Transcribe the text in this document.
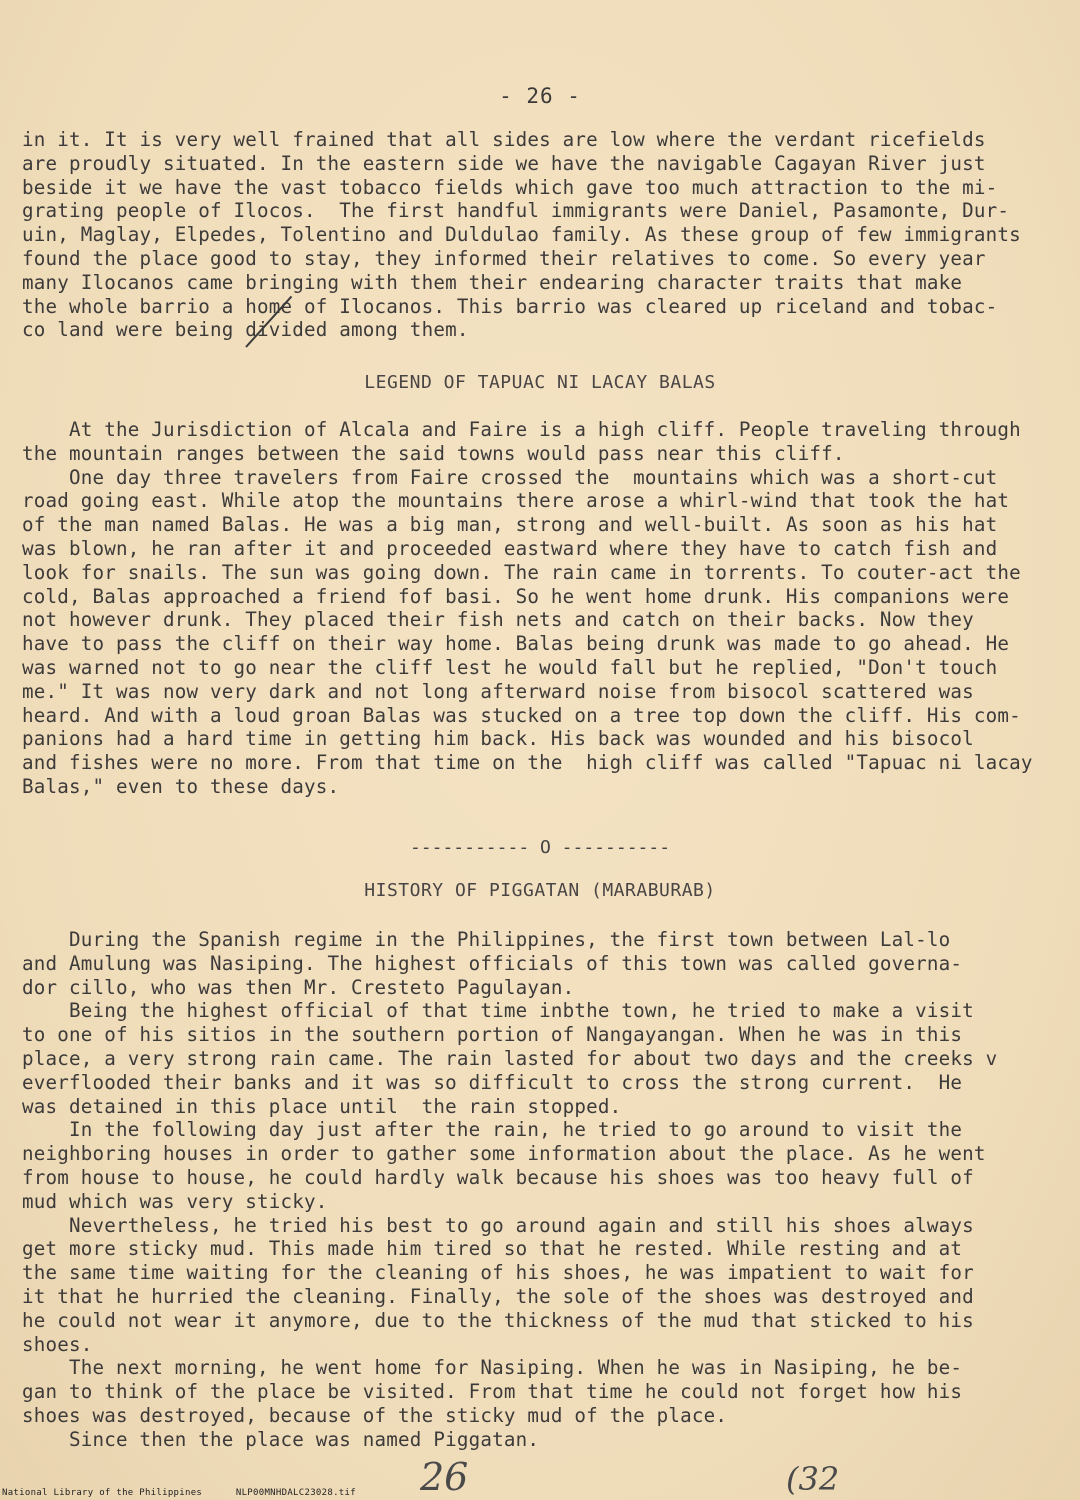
- 26 -
in it. It is very well frained that all sides are low where the verdant ricefields
are proudly situated. In the eastern side we have the navigable Cagayan River just
beside it we have the vast tobacco fields which gave too much attraction to the mi-
grating people of Ilocos.  The first handful immigrants were Daniel, Pasamonte, Dur-
uin, Maglay, Elpedes, Tolentino and Duldulao family. As these group of few immigrants
found the place good to stay, they informed their relatives to come. So every year
many Ilocanos came bringing with them their endearing character traits that make
the whole barrio a home of Ilocanos. This barrio was cleared up riceland and tobac-
co land were being divided among them.
LEGEND OF TAPUAC NI LACAY BALAS
At the Jurisdiction of Alcala and Faire is a high cliff. People traveling through
the mountain ranges between the said towns would pass near this cliff.
One day three travelers from Faire crossed the  mountains which was a short-cut
road going east. While atop the mountains there arose a whirl-wind that took the hat
of the man named Balas. He was a big man, strong and well-built. As soon as his hat
was blown, he ran after it and proceeded eastward where they have to catch fish and
look for snails. The sun was going down. The rain came in torrents. To couter-act the
cold, Balas approached a friend fof basi. So he went home drunk. His companions were
not however drunk. They placed their fish nets and catch on their backs. Now they
have to pass the cliff on their way home. Balas being drunk was made to go ahead. He
was warned not to go near the cliff lest he would fall but he replied, "Don't touch
me." It was now very dark and not long afterward noise from bisocol scattered was
heard. And with a loud groan Balas was stucked on a tree top down the cliff. His com-
panions had a hard time in getting him back. His back was wounded and his bisocol
and fishes were no more. From that time on the  high cliff was called "Tapuac ni lacay
Balas," even to these days.
----------- O ----------
HISTORY OF PIGGATAN (MARABURAB)
During the Spanish regime in the Philippines, the first town between Lal-lo
and Amulung was Nasiping. The highest officials of this town was called governa-
dor cillo, who was then Mr. Cresteto Pagulayan.
Being the highest official of that time inbthe town, he tried to make a visit
to one of his sitios in the southern portion of Nangayangan. When he was in this
place, a very strong rain came. The rain lasted for about two days and the creeks v
everflooded their banks and it was so difficult to cross the strong current.  He
was detained in this place until  the rain stopped.
In the following day just after the rain, he tried to go around to visit the
neighboring houses in order to gather some information about the place. As he went
from house to house, he could hardly walk because his shoes was too heavy full of
mud which was very sticky.
Nevertheless, he tried his best to go around again and still his shoes always
get more sticky mud. This made him tired so that he rested. While resting and at
the same time waiting for the cleaning of his shoes, he was impatient to wait for
it that he hurried the cleaning. Finally, the sole of the shoes was destroyed and
he could not wear it anymore, due to the thickness of the mud that sticked to his
shoes.
The next morning, he went home for Nasiping. When he was in Nasiping, he be-
gan to think of the place be visited. From that time he could not forget how his
shoes was destroyed, because of the sticky mud of the place.
Since then the place was named Piggatan.
26	(32
National Library of the Philippines	NLP00MNHDALC23028.tif
